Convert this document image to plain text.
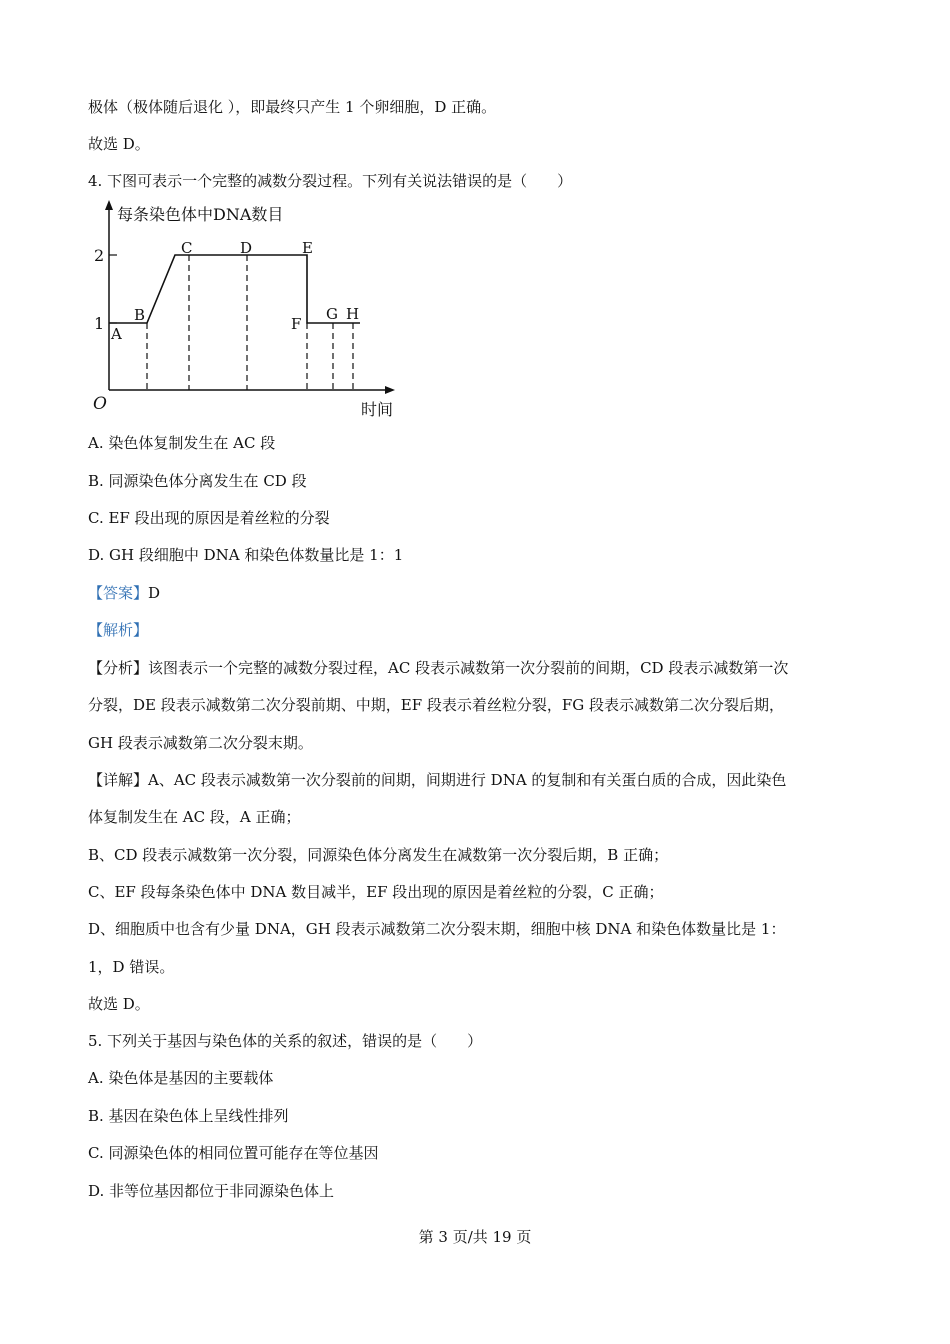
极体（极体随后退化 ），即最终只产生 1 个卵细胞，D 正确。
故选 D。
4. 下图可表示一个完整的减数分裂过程。下列有关说法错误的是（　　）
每条染色体中DNA数目
时间
O
2
1
A
B
C	D	E
F
G H
A. 染色体复制发生在 AC 段
B. 同源染色体分离发生在 CD 段
C. EF 段出现的原因是着丝粒的分裂
D. GH 段细胞中 DNA 和染色体数量比是 1：1
【答案】D
【解析】
【分析】该图表示一个完整的减数分裂过程，AC 段表示减数第一次分裂前的间期，CD 段表示减数第一次
分裂，DE 段表示减数第二次分裂前期、中期，EF 段表示着丝粒分裂，FG 段表示减数第二次分裂后期，
GH 段表示减数第二次分裂末期。
【详解】A、AC 段表示减数第一次分裂前的间期，间期进行 DNA 的复制和有关蛋白质的合成，因此染色
体复制发生在 AC 段，A 正确；
B、CD 段表示减数第一次分裂，同源染色体分离发生在减数第一次分裂后期，B 正确；
C、EF 段每条染色体中 DNA 数目减半，EF 段出现的原因是着丝粒的分裂，C 正确；
D、细胞质中也含有少量 DNA，GH 段表示减数第二次分裂末期，细胞中核 DNA 和染色体数量比是 1：
1，D 错误。
故选 D。
5. 下列关于基因与染色体的关系的叙述，错误的是（　　）
A. 染色体是基因的主要载体
B. 基因在染色体上呈线性排列
C. 同源染色体的相同位置可能存在等位基因
D. 非等位基因都位于非同源染色体上
第 3 页/共 19 页
